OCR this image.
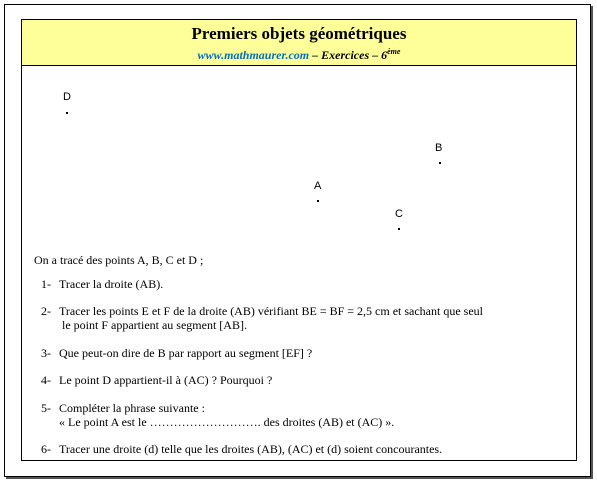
Premiers objets géométriques
www.mathmaurer.com – Exercices – 6ème
D
B
A
C
On a tracé des points A, B, C et D ;
1- Tracer la droite (AB).
2- Tracer les points E et F de la droite (AB) vérifiant BE = BF = 2,5 cm et sachant que seul
le point F appartient au segment [AB].
3- Que peut-on dire de B par rapport au segment [EF] ?
4- Le point D appartient-il à (AC) ? Pourquoi ?
5- Compléter la phrase suivante :
« Le point A est le ………………………. des droites (AB) et (AC) ».
6- Tracer une droite (d) telle que les droites (AB), (AC) et (d) soient concourantes.
